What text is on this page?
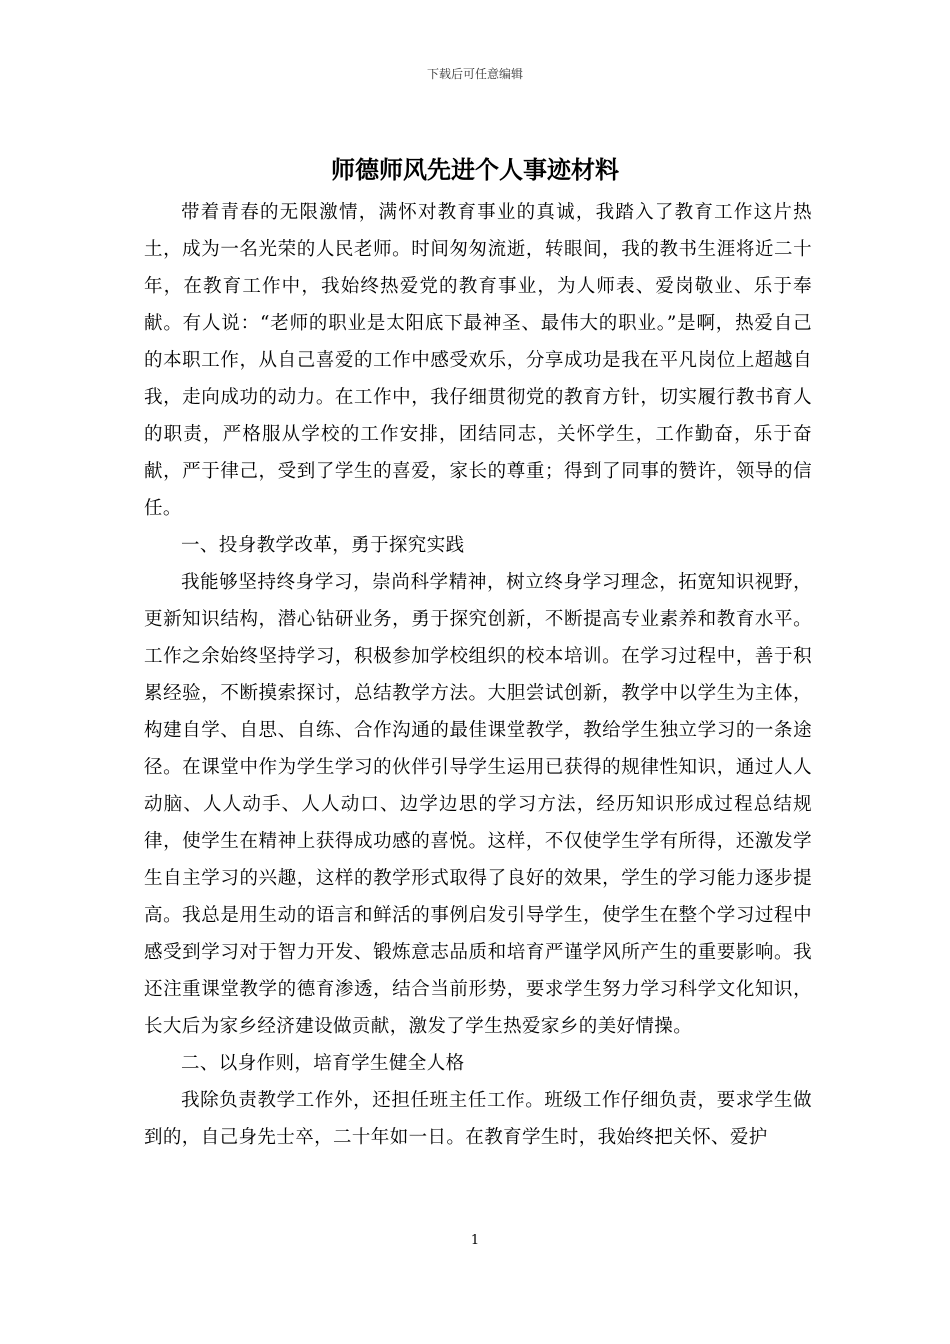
下载后可任意编辑
师德师风先进个人事迹材料

带着青春的无限激情，满怀对教育事业的真诚，我踏入了教育工作这片热土，成为一名光荣的人民老师。时间匆匆流逝，转眼间，我的教书生涯将近二十年，在教育工作中，我始终热爱党的教育事业，为人师表、爱岗敬业、乐于奉献。有人说：“老师的职业是太阳底下最神圣、最伟大的职业。”是啊，热爱自己的本职工作，从自己喜爱的工作中感受欢乐，分享成功是我在平凡岗位上超越自我，走向成功的动力。在工作中，我仔细贯彻党的教育方针，切实履行教书育人的职责，严格服从学校的工作安排，团结同志，关怀学生，工作勤奋，乐于奋献，严于律己，受到了学生的喜爱，家长的尊重；得到了同事的赞许，领导的信任。

一、投身教学改革，勇于探究实践

我能够坚持终身学习，崇尚科学精神，树立终身学习理念，拓宽知识视野，更新知识结构，潜心钻研业务，勇于探究创新，不断提高专业素养和教育水平。工作之余始终坚持学习，积极参加学校组织的校本培训。在学习过程中，善于积累经验，不断摸索探讨，总结教学方法。大胆尝试创新，教学中以学生为主体，构建自学、自思、自练、合作沟通的最佳课堂教学，教给学生独立学习的一条途径。在课堂中作为学生学习的伙伴引导学生运用已获得的规律性知识，通过人人动脑、人人动手、人人动口、边学边思的学习方法，经历知识形成过程总结规律，使学生在精神上获得成功感的喜悦。这样，不仅使学生学有所得，还激发学生自主学习的兴趣，这样的教学形式取得了良好的效果，学生的学习能力逐步提高。我总是用生动的语言和鲜活的事例启发引导学生，使学生在整个学习过程中感受到学习对于智力开发、锻炼意志品质和培育严谨学风所产生的重要影响。我还注重课堂教学的德育渗透，结合当前形势，要求学生努力学习科学文化知识，长大后为家乡经济建设做贡献，激发了学生热爱家乡的美好情操。

二、以身作则，培育学生健全人格

我除负责教学工作外，还担任班主任工作。班级工作仔细负责，要求学生做到的，自己身先士卒，二十年如一日。在教育学生时，我始终把关怀、爱护

1
